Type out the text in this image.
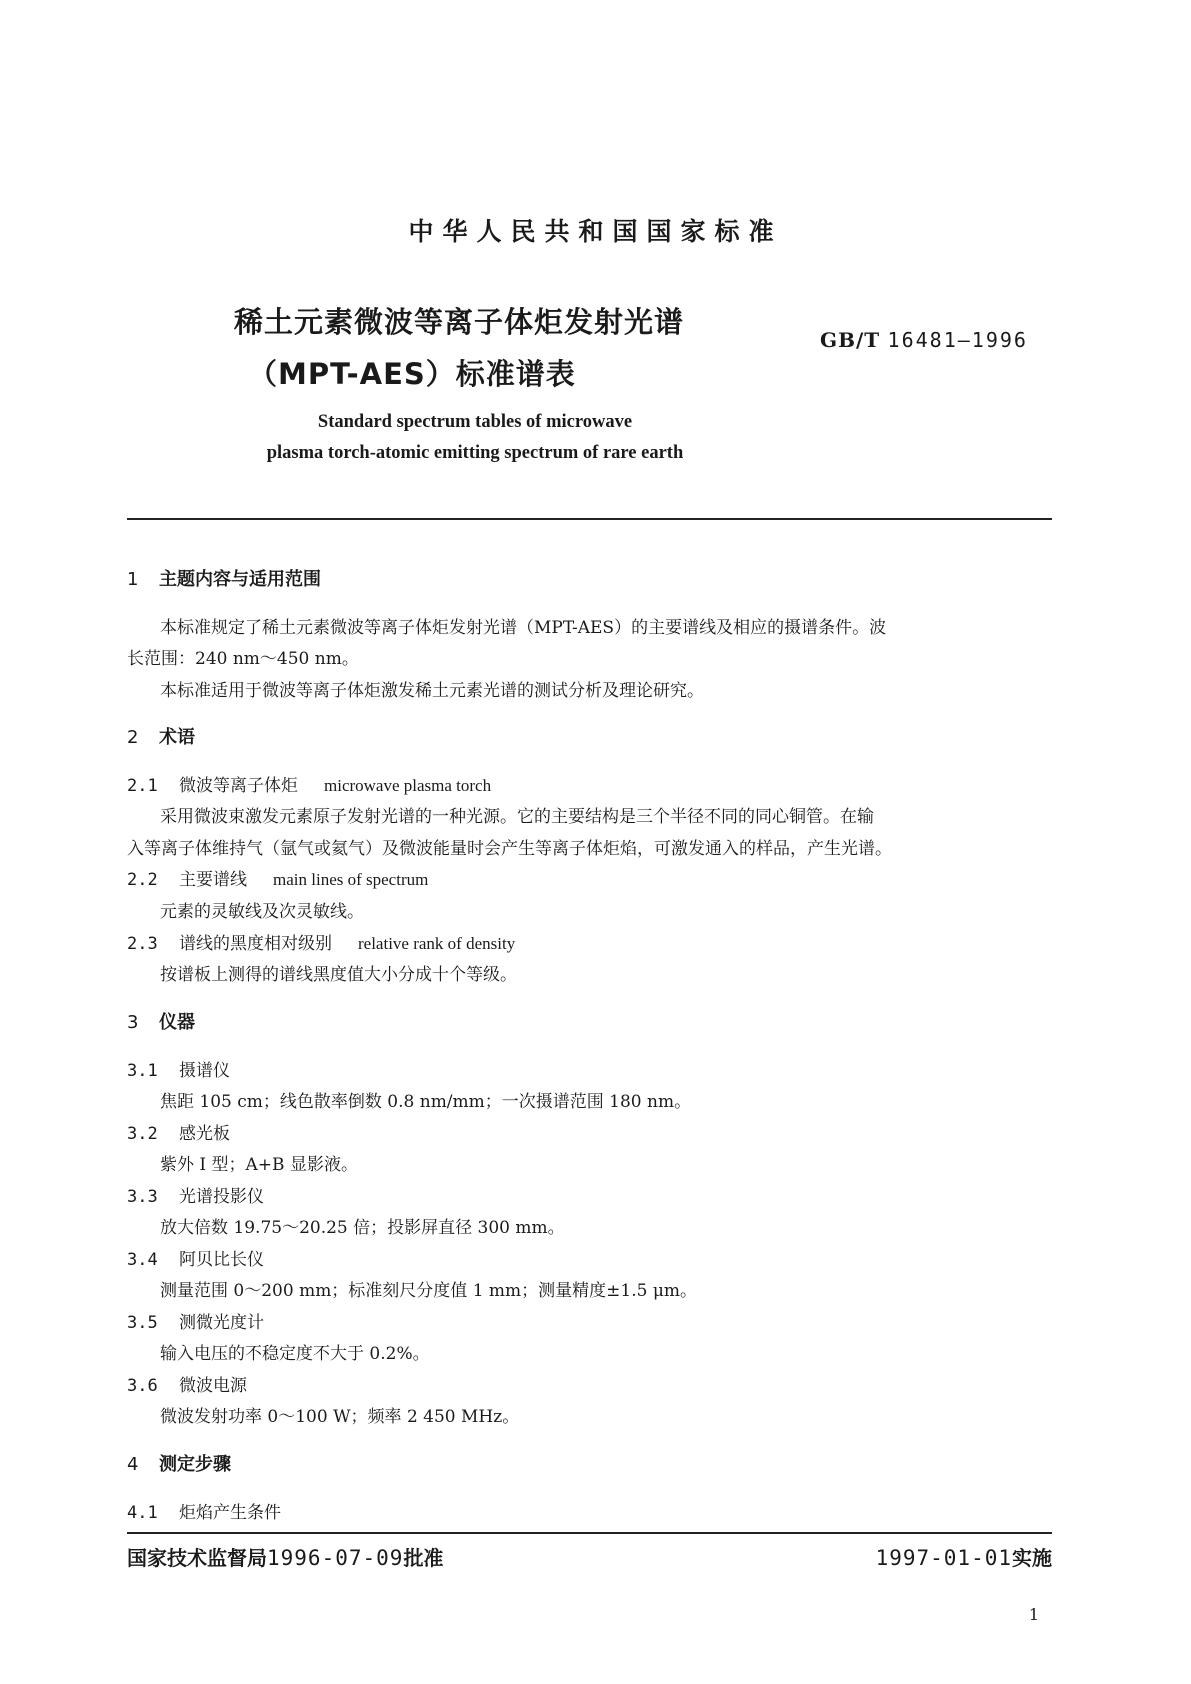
中华人民共和国国家标准
稀土元素微波等离子体炬发射光谱
（MPT-AES）标准谱表
GB/T 16481—1996
Standard spectrum tables of microwave
plasma torch-atomic emitting spectrum of rare earth
1 主题内容与适用范围
本标准规定了稀土元素微波等离子体炬发射光谱（MPT-AES）的主要谱线及相应的摄谱条件。波
长范围：240 nm～450 nm。
本标准适用于微波等离子体炬激发稀土元素光谱的测试分析及理论研究。
2 术语
2.1 微波等离子体炬 microwave plasma torch
采用微波束激发元素原子发射光谱的一种光源。它的主要结构是三个半径不同的同心铜管。在输
入等离子体维持气（氩气或氦气）及微波能量时会产生等离子体炬焰，可激发通入的样品，产生光谱。
2.2 主要谱线 main lines of spectrum
元素的灵敏线及次灵敏线。
2.3 谱线的黑度相对级别 relative rank of density
按谱板上测得的谱线黑度值大小分成十个等级。
3 仪器
3.1 摄谱仪
焦距 105 cm；线色散率倒数 0.8 nm/mm；一次摄谱范围 180 nm。
3.2 感光板
紫外 I 型；A+B 显影液。
3.3 光谱投影仪
放大倍数 19.75～20.25 倍；投影屏直径 300 mm。
3.4 阿贝比长仪
测量范围 0～200 mm；标准刻尺分度值 1 mm；测量精度±1.5 μm。
3.5 测微光度计
输入电压的不稳定度不大于 0.2%。
3.6 微波电源
微波发射功率 0～100 W；频率 2 450 MHz。
4 测定步骤
4.1 炬焰产生条件
国家技术监督局1996-07-09批准	1997-01-01实施
1
